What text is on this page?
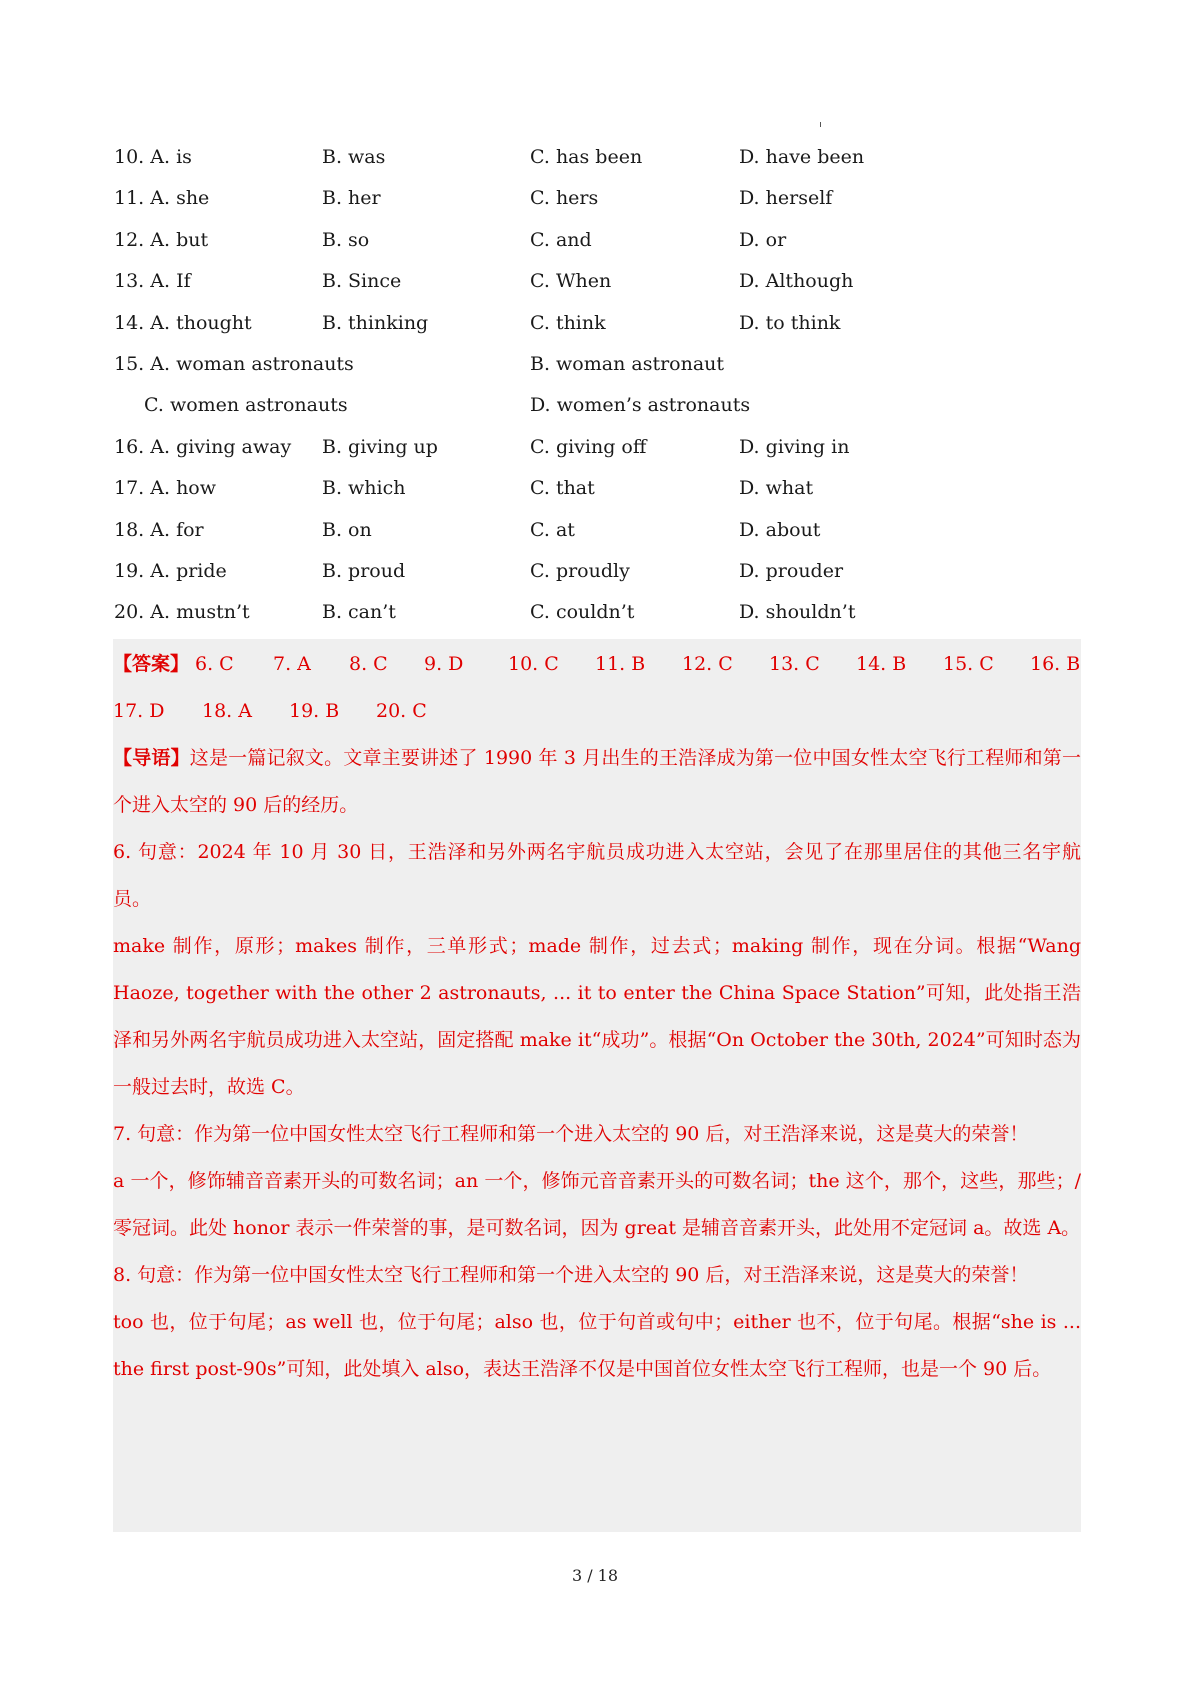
10. A. is	B. was	C. has been	D. have been
11. A. she	B. her	C. hers	D. herself
12. A. but	B. so	C. and	D. or
13. A. If	B. Since	C. When	D. Although
14. A. thought	B. thinking	C. think	D. to think
15. A. woman astronauts	B. woman astronaut
C. women astronauts	D. women’s astronauts
16. A. giving away B. giving up	C. giving off	D. giving in
17. A. how	B. which	C. that	D. what
18. A. for	B. on	C. at	D. about
19. A. pride	B. proud	C. proudly	D. prouder
20. A. mustn’t	B. can’t	C. couldn’t	D. shouldn’t
【答案】 6. C 7. A 8. C 9. D 10. C 11. B 12. C 13. C 14. B 15. C 16. B
17. D 18. A 19. B 20. C
【导语】这是一篇记叙文。文章主要讲述了 1990 年 3 月出生的王浩泽成为第一位中国女性太空飞行工程师和第一个进入太空的 90 后的经历。
6. 句意：2024 年 10 月 30 日，王浩泽和另外两名宇航员成功进入太空站，会见了在那里居住的其他三名宇航员。
make 制作，原形；makes 制作，三单形式；made 制作，过去式；making 制作，现在分词。根据“Wang Haoze, together with the other 2 astronauts, ... it to enter the China Space Station”可知，此处指王浩泽和另外两名宇航员成功进入太空站，固定搭配 make it“成功”。根据“On October the 30th, 2024”可知时态为一般过去时，故选 C。
7. 句意：作为第一位中国女性太空飞行工程师和第一个进入太空的 90 后，对王浩泽来说，这是莫大的荣誉！
a 一个，修饰辅音音素开头的可数名词；an 一个，修饰元音音素开头的可数名词；the 这个，那个，这些，那些；/零冠词。此处 honor 表示一件荣誉的事，是可数名词，因为 great 是辅音音素开头，此处用不定冠词 a。故选 A。
8. 句意：作为第一位中国女性太空飞行工程师和第一个进入太空的 90 后，对王浩泽来说，这是莫大的荣誉！
too 也，位于句尾；as well 也，位于句尾；also 也，位于句首或句中；either 也不，位于句尾。根据“she is ... the first post-90s”可知，此处填入 also，表达王浩泽不仅是中国首位女性太空飞行工程师，也是一个 90 后。
3 / 18
